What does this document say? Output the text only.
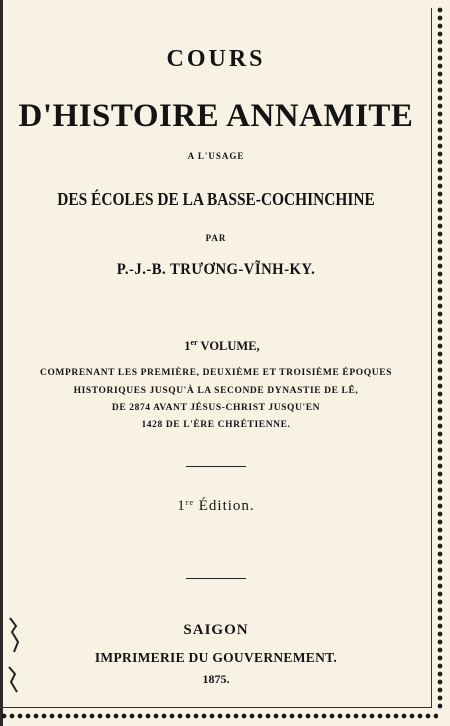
COURS
D'HISTOIRE ANNAMITE
A L'USAGE
DES ÉCOLES DE LA BASSE-COCHINCHINE
PAR
P.-J.-B. TRƯƠNG-VĨNH-KY.
1er VOLUME,
COMPRENANT LES PREMIÈRE, DEUXIÈME ET TROISIÈME ÉPOQUES
HISTORIQUES JUSQU'À LA SECONDE DYNASTIE DE LÊ,
DE 2874 AVANT JÉSUS-CHRIST JUSQU'EN
1428 DE L'ÈRE CHRÉTIENNE.
1re Édition.
SAIGON
IMPRIMERIE DU GOUVERNEMENT.
1875.
